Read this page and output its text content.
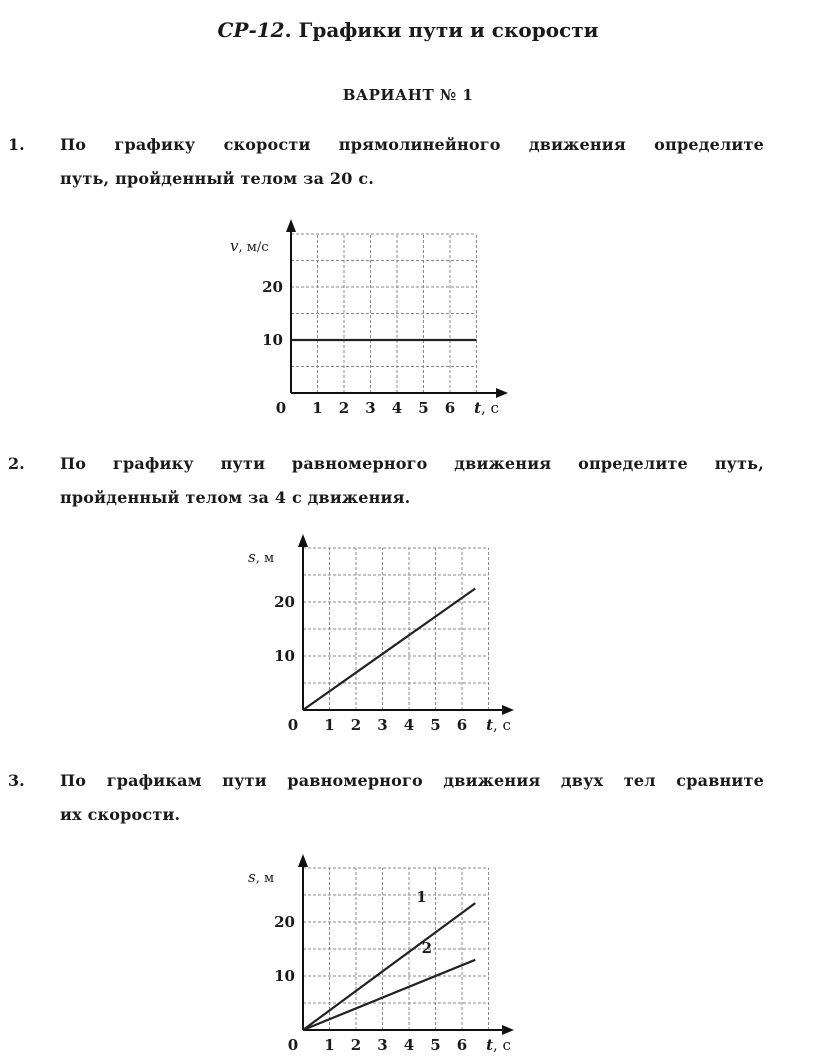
СР-12. Графики пути и скорости
ВАРИАНТ № 1
1. По графику скорости прямолинейного движения определите
путь, пройденный телом за 20 с.
0 1 2 3 4 5 6 t, с
10
20
v, м/с
2. По графику пути равномерного движения определите путь,
пройденный телом за 4 с движения.
0 1 2 3 4 5 6 t, с
10
20
s, м
3. По графикам пути равномерного движения двух тел сравните
их скорости.
0 1 2 3 4 5 6 t, с
10
20
s, м
1
2
